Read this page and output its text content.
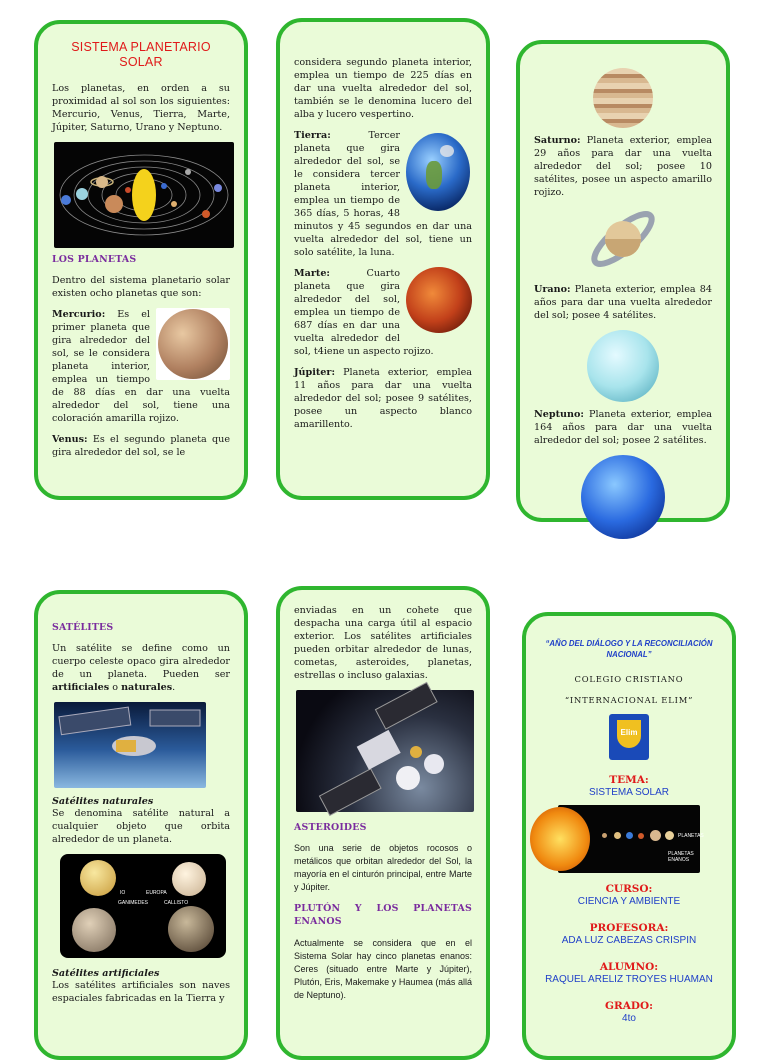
SISTEMA PLANETARIO SOLAR

Los planetas, en orden a su proximidad al sol son los siguientes: Mercurio, Venus, Tierra, Marte, Júpiter, Saturno, Urano y Neptuno.

LOS PLANETAS

Dentro del sistema planetario solar existen ocho planetas que son:

Mercurio: Es el primer planeta que gira alrededor del sol, se le considera planeta interior, emplea un tiempo de 88 días en dar una vuelta alrededor del sol, tiene una coloración amarilla rojizo.

Venus: Es el segundo planeta que gira alrededor del sol, se le

considera segundo planeta interior, emplea un tiempo de 225 días en dar una vuelta alrededor del sol, también se le denomina lucero del alba y lucero vespertino.

Tierra: Tercer planeta que gira alrededor del sol, se le considera tercer planeta interior, emplea un tiempo de 365 días, 5 horas, 48 minutos y 45 segundos en dar una vuelta alrededor del sol, tiene un solo satélite, la luna.

Marte: Cuarto planeta que gira alrededor del sol, emplea un tiempo de 687 días en dar una vuelta alrededor del sol, t4iene un aspecto rojizo.

Júpiter: Planeta exterior, emplea 11 años para dar una vuelta alrededor del sol; posee 9 satélites, posee un aspecto blanco amarillento.

Saturno: Planeta exterior, emplea 29 años para dar una vuelta alrededor del sol; posee 10 satélites, posee un aspecto amarillo rojizo.

Urano: Planeta exterior, emplea 84 años para dar una vuelta alrededor del sol; posee 4 satélites.

Neptuno: Planeta exterior, emplea 164 años para dar una vuelta alrededor del sol; posee 2 satélites.

SATÉLITES

Un satélite se define como un cuerpo celeste opaco gira alrededor de un planeta. Pueden ser artificiales o naturales.

Satélites naturales

Se denomina satélite natural a cualquier objeto que orbita alrededor de un planeta.

IO	EUROPA
GANIMEDES	CALLISTO

Satélites artificiales

Los satélites artificiales son naves espaciales fabricadas en la Tierra y

enviadas en un cohete que despacha una carga útil al espacio exterior. Los satélites artificiales pueden orbitar alrededor de lunas, cometas, asteroides, planetas, estrellas o incluso galaxias.

ASTEROIDES

Son una serie de objetos rocosos o metálicos que orbitan alrededor del Sol, la mayoría en el cinturón principal, entre Marte y Júpiter.

PLUTÓN Y LOS PLANETAS ENANOS

Actualmente se considera que en el Sistema Solar hay cinco planetas enanos: Ceres (situado entre Marte y Júpiter), Plutón, Eris, Makemake y Haumea (más allá de Neptuno).

“AÑO DEL DIÁLOGO Y LA RECONCILIACIÓN NACIONAL”

COLEGIO CRISTIANO

“INTERNACIONAL ELIM”

Elim

TEMA:

SISTEMA SOLAR

PLANETAS
PLANETAS ENANOS

CURSO:

CIENCIA Y AMBIENTE

PROFESORA:

ADA LUZ CABEZAS CRISPIN

ALUMNO:

RAQUEL ARELIZ TROYES HUAMAN

GRADO:

4to
